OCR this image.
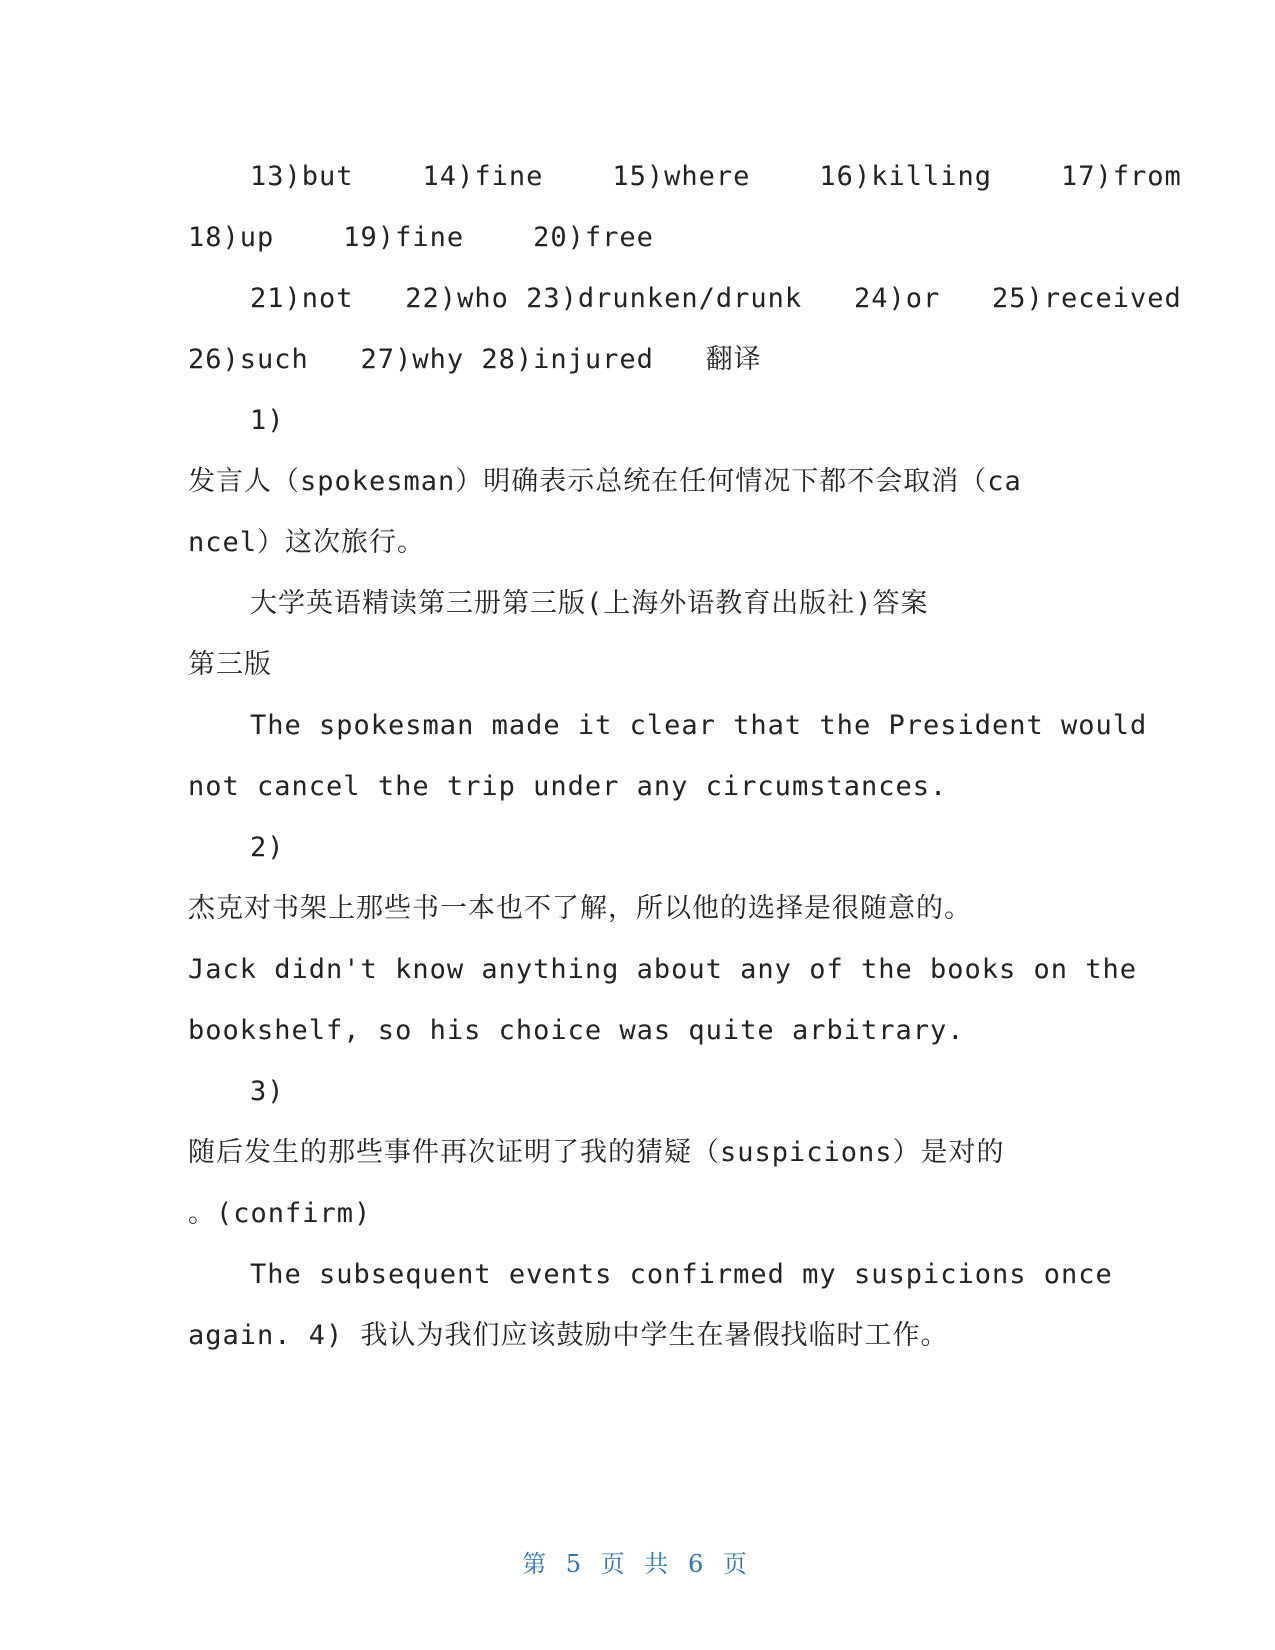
13)but    14)fine    15)where    16)killing    17)from
18)up    19)fine    20)free
21)not   22)who 23)drunken/drunk   24)or   25)received
26)such   27)why 28)injured   翻译
1)
发言人（spokesman）明确表示总统在任何情况下都不会取消（ca
ncel）这次旅行。
大学英语精读第三册第三版(上海外语教育出版社)答案
第三版
The spokesman made it clear that the President would
not cancel the trip under any circumstances.
2)
杰克对书架上那些书一本也不了解，所以他的选择是很随意的。
Jack didn't know anything about any of the books on the
bookshelf, so his choice was quite arbitrary.
3)
随后发生的那些事件再次证明了我的猜疑（suspicions）是对的
。(confirm)
The subsequent events confirmed my suspicions once
again. 4) 我认为我们应该鼓励中学生在暑假找临时工作。
第 5 页 共 6 页
